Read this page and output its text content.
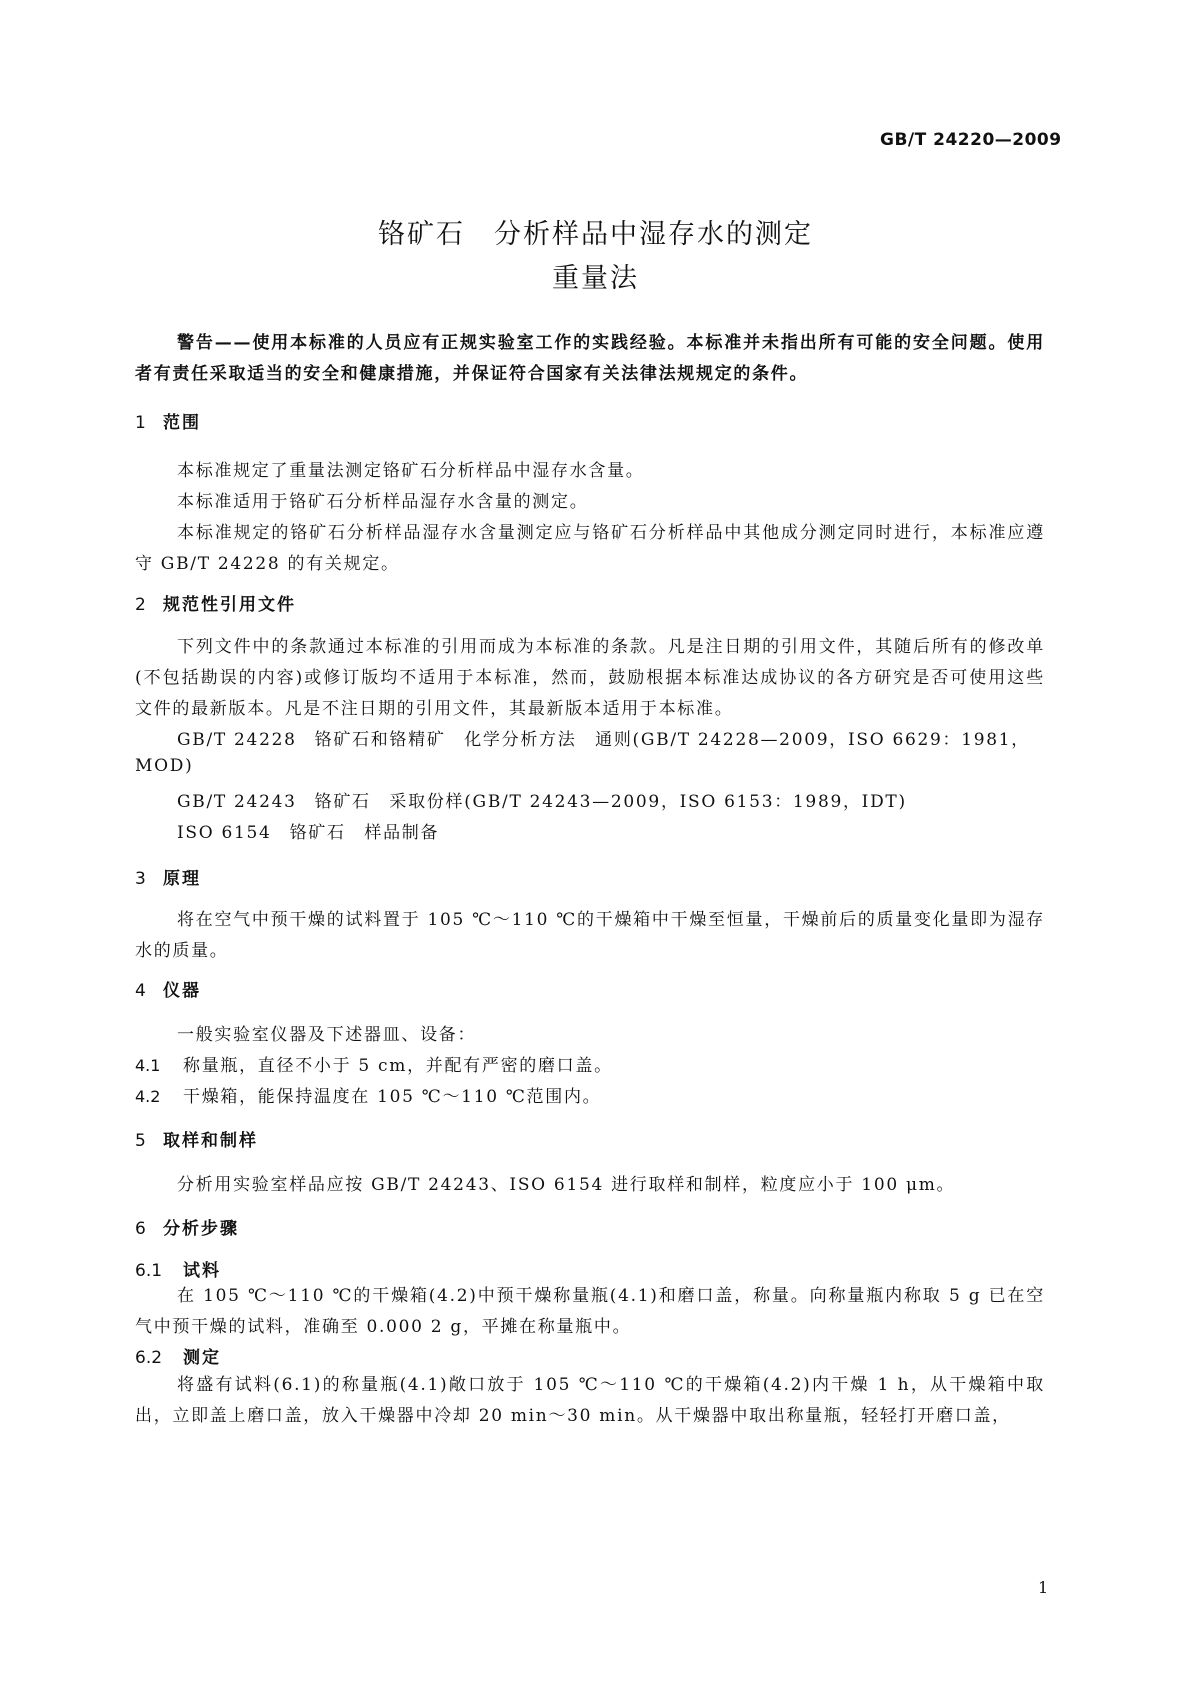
GB/T 24220—2009
铬矿石　分析样品中湿存水的测定
重量法
警告——使用本标准的人员应有正规实验室工作的实践经验。本标准并未指出所有可能的安全问题。使用者有责任采取适当的安全和健康措施，并保证符合国家有关法律法规规定的条件。
1 范围
本标准规定了重量法测定铬矿石分析样品中湿存水含量。
本标准适用于铬矿石分析样品湿存水含量的测定。
本标准规定的铬矿石分析样品湿存水含量测定应与铬矿石分析样品中其他成分测定同时进行，本标准应遵守 GB/T 24228 的有关规定。
2 规范性引用文件
下列文件中的条款通过本标准的引用而成为本标准的条款。凡是注日期的引用文件，其随后所有的修改单(不包括勘误的内容)或修订版均不适用于本标准，然而，鼓励根据本标准达成协议的各方研究是否可使用这些文件的最新版本。凡是不注日期的引用文件，其最新版本适用于本标准。
GB/T 24228 铬矿石和铬精矿　化学分析方法　通则(GB/T 24228—2009，ISO 6629：1981，
MOD)
GB/T 24243 铬矿石　采取份样(GB/T 24243—2009，ISO 6153：1989，IDT)
ISO 6154 铬矿石　样品制备
3 原理
将在空气中预干燥的试料置于 105 ℃～110 ℃的干燥箱中干燥至恒量，干燥前后的质量变化量即为湿存水的质量。
4 仪器
一般实验室仪器及下述器皿、设备：
4.1 称量瓶，直径不小于 5 cm，并配有严密的磨口盖。
4.2 干燥箱，能保持温度在 105 ℃～110 ℃范围内。
5 取样和制样
分析用实验室样品应按 GB/T 24243、ISO 6154 进行取样和制样，粒度应小于 100 μm。
6 分析步骤
6.1 试料
在 105 ℃～110 ℃的干燥箱(4.2)中预干燥称量瓶(4.1)和磨口盖，称量。向称量瓶内称取 5 g 已在空气中预干燥的试料，准确至 0.000 2 g，平摊在称量瓶中。
6.2 测定
将盛有试料(6.1)的称量瓶(4.1)敞口放于 105 ℃～110 ℃的干燥箱(4.2)内干燥 1 h，从干燥箱中取出，立即盖上磨口盖，放入干燥器中冷却 20 min～30 min。从干燥器中取出称量瓶，轻轻打开磨口盖，
1
